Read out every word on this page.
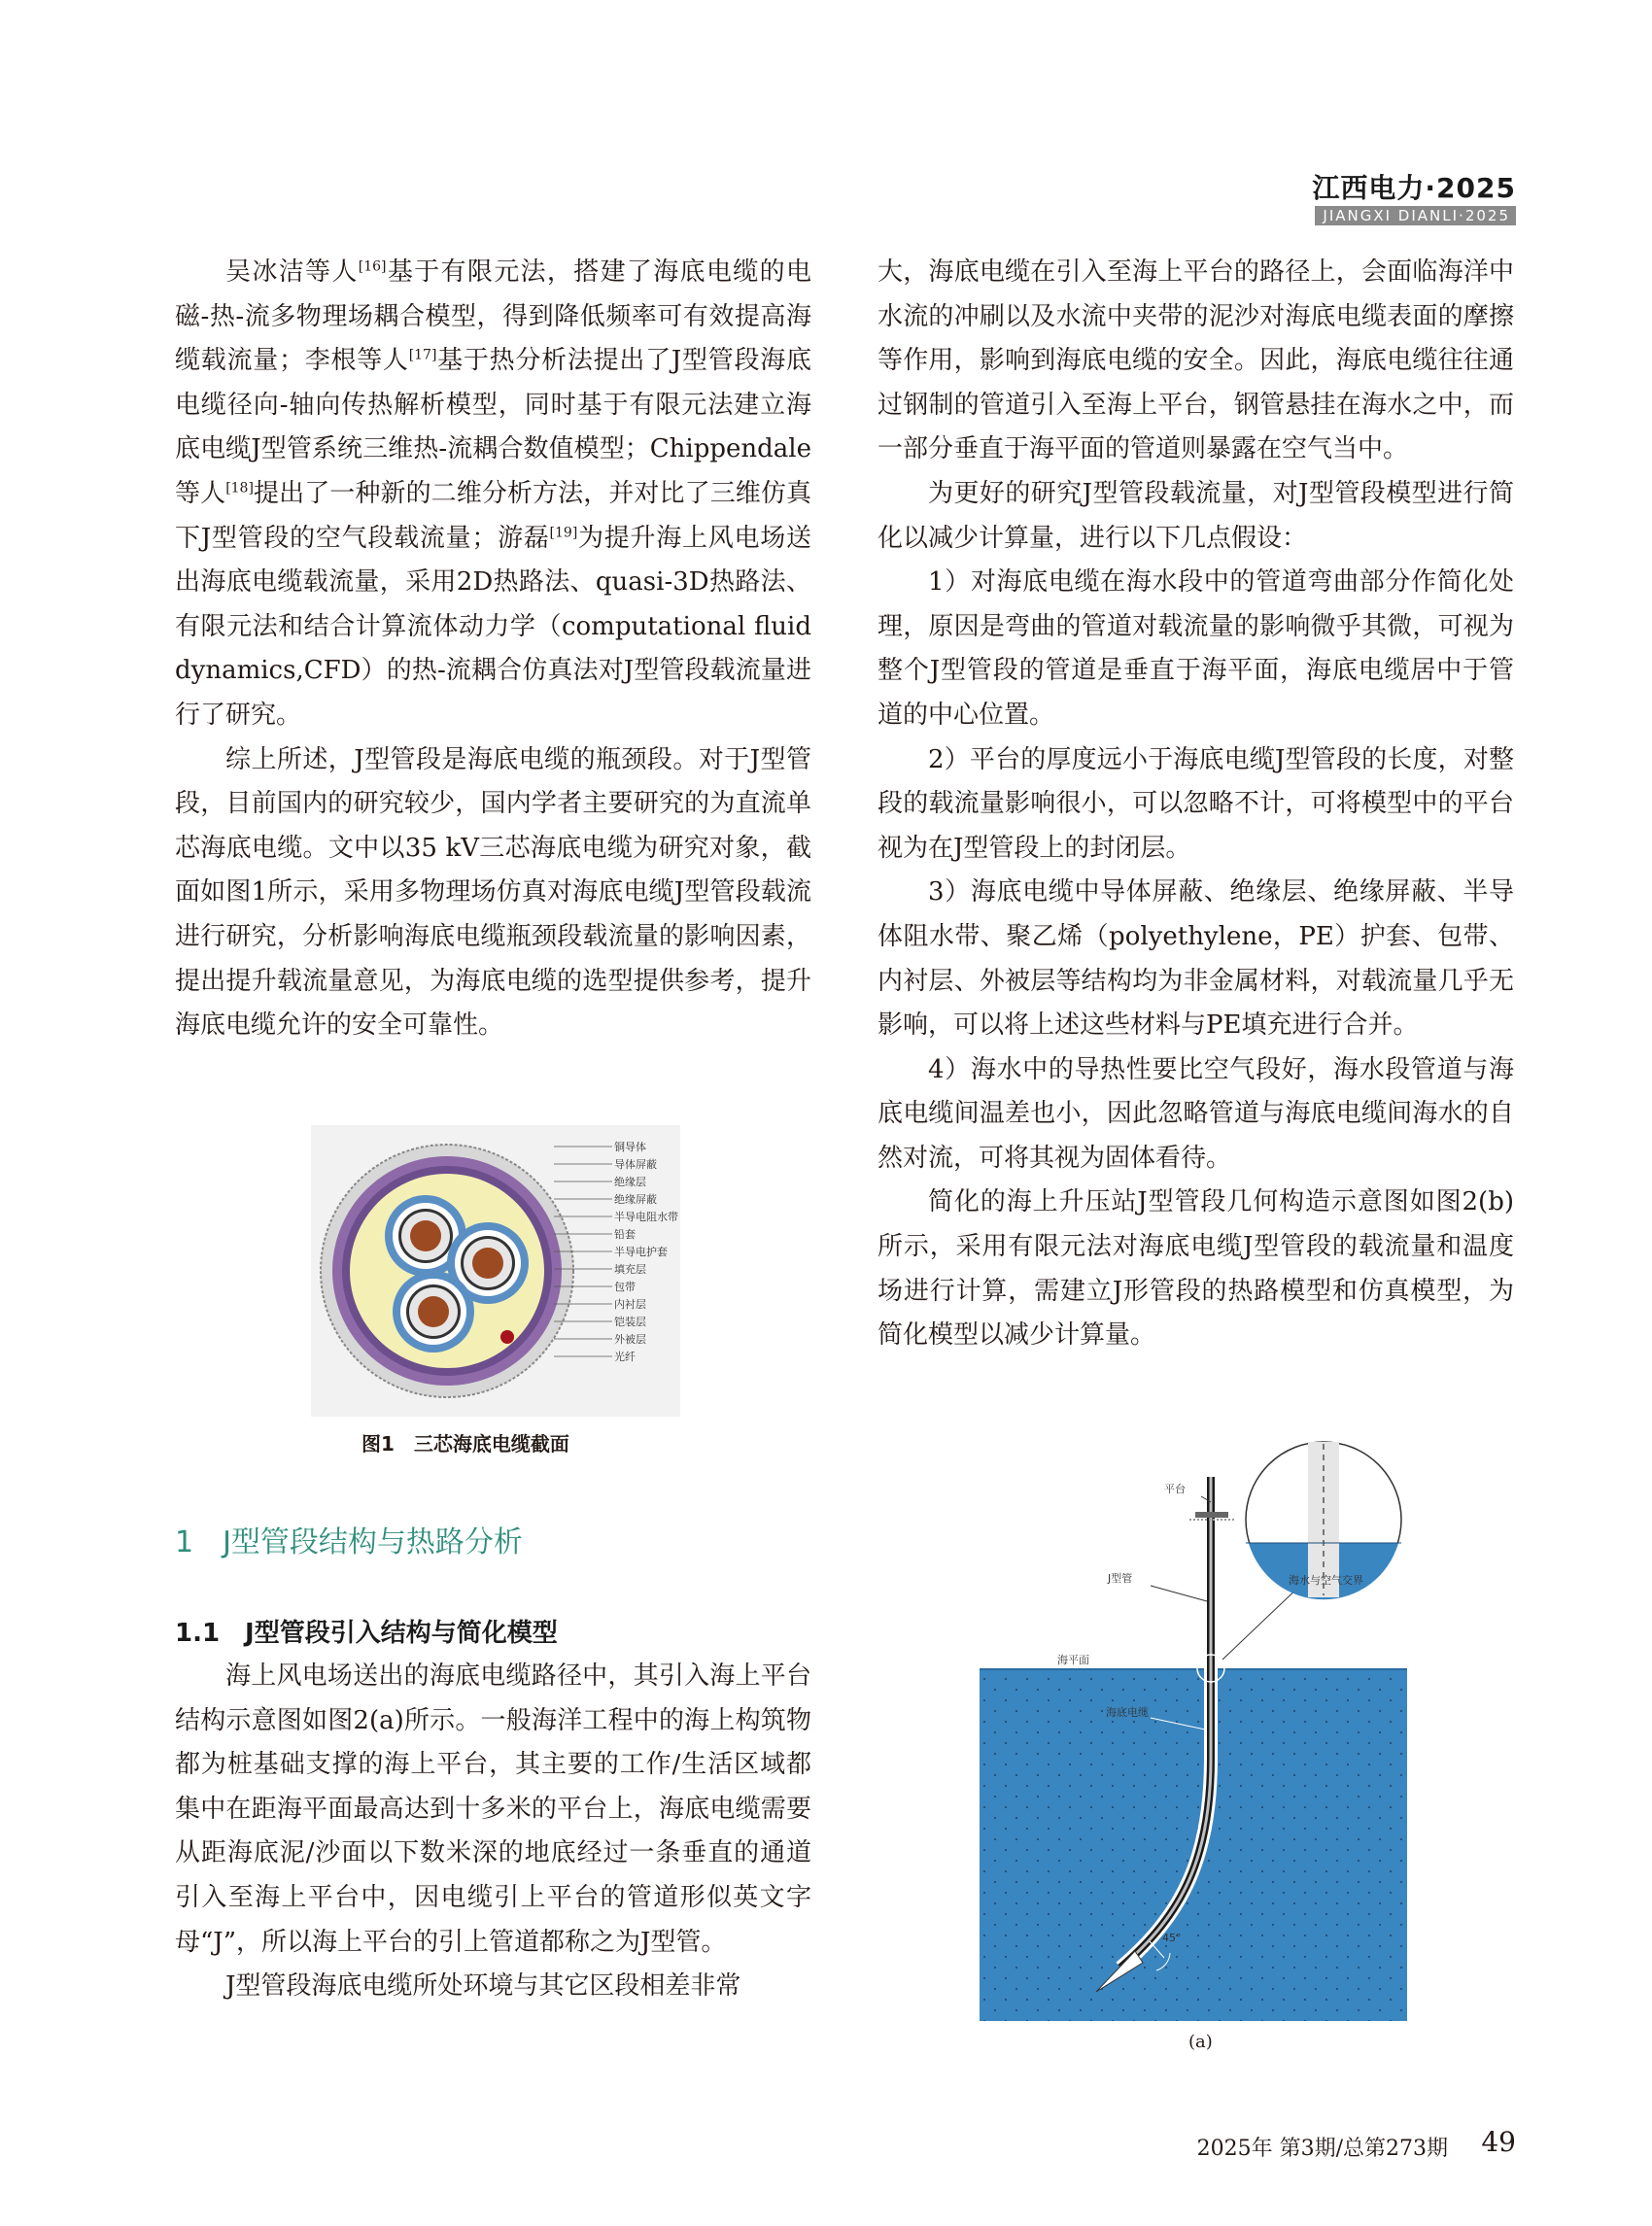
江西电力·2025
JIANGXI DIANLI·2025

吴冰洁等人[16]基于有限元法，搭建了海底电缆的电磁-热-流多物理场耦合模型，得到降低频率可有效提高海缆载流量；李根等人[17]基于热分析法提出了J型管段海底电缆径向-轴向传热解析模型，同时基于有限元法建立海底电缆J型管系统三维热-流耦合数值模型；Chippendale等人[18]提出了一种新的二维分析方法，并对比了三维仿真下J型管段的空气段载流量；游磊[19]为提升海上风电场送出海底电缆载流量，采用2D热路法、quasi-3D热路法、有限元法和结合计算流体动力学（computational fluid dynamics,CFD）的热-流耦合仿真法对J型管段载流量进行了研究。

综上所述，J型管段是海底电缆的瓶颈段。对于J型管段，目前国内的研究较少，国内学者主要研究的为直流单芯海底电缆。文中以35 kV三芯海底电缆为研究对象，截面如图1所示，采用多物理场仿真对海底电缆J型管段载流进行研究，分析影响海底电缆瓶颈段载流量的影响因素，提出提升载流量意见，为海底电缆的选型提供参考，提升海底电缆允许的安全可靠性。

铜导体
导体屏蔽
绝缘层
绝缘屏蔽
半导电阻水带
铅套
半导电护套
填充层
包带
内衬层
铠装层
外被层
光纤
图1　三芯海底电缆截面
1　J型管段结构与热路分析
1.1　J型管段引入结构与简化模型

海上风电场送出的海底电缆路径中，其引入海上平台结构示意图如图2(a)所示。一般海洋工程中的海上构筑物都为桩基础支撑的海上平台，其主要的工作/生活区域都集中在距海平面最高达到十多米的平台上，海底电缆需要从距海底泥/沙面以下数米深的地底经过一条垂直的通道引入至海上平台中，因电缆引上平台的管道形似英文字母“J”，所以海上平台的引上管道都称之为J型管。

J型管段海底电缆所处环境与其它区段相差非常

大，海底电缆在引入至海上平台的路径上，会面临海洋中水流的冲刷以及水流中夹带的泥沙对海底电缆表面的摩擦等作用，影响到海底电缆的安全。因此，海底电缆往往通过钢制的管道引入至海上平台，钢管悬挂在海水之中，而一部分垂直于海平面的管道则暴露在空气当中。

为更好的研究J型管段载流量，对J型管段模型进行简化以减少计算量，进行以下几点假设：

1）对海底电缆在海水段中的管道弯曲部分作简化处理，原因是弯曲的管道对载流量的影响微乎其微，可视为整个J型管段的管道是垂直于海平面，海底电缆居中于管道的中心位置。

2）平台的厚度远小于海底电缆J型管段的长度，对整段的载流量影响很小，可以忽略不计，可将模型中的平台视为在J型管段上的封闭层。

3）海底电缆中导体屏蔽、绝缘层、绝缘屏蔽、半导体阻水带、聚乙烯（polyethylene，PE）护套、包带、内衬层、外被层等结构均为非金属材料，对载流量几乎无影响，可以将上述这些材料与PE填充进行合并。

4）海水中的导热性要比空气段好，海水段管道与海底电缆间温差也小，因此忽略管道与海底电缆间海水的自然对流，可将其视为固体看待。

简化的海上升压站J型管段几何构造示意图如图2(b)所示，采用有限元法对海底电缆J型管段的载流量和温度场进行计算，需建立J形管段的热路模型和仿真模型，为简化模型以减少计算量。

平台
J型管
海平面
海底电缆
海水与空气交界
45°
(a)
2025年 第3期/总第273期 49
